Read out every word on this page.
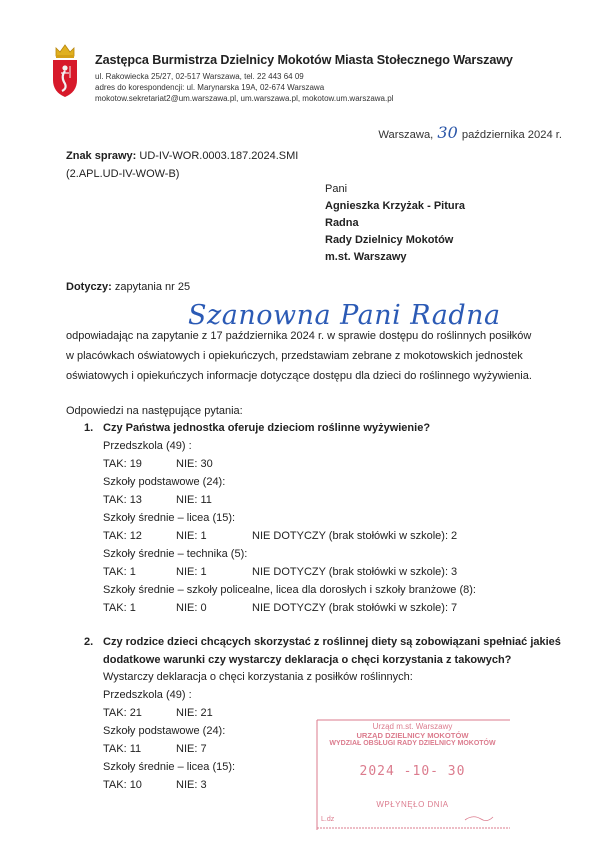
Zastępca Burmistrza Dzielnicy Mokotów Miasta Stołecznego Warszawy
ul. Rakowiecka 25/27, 02-517 Warszawa, tel. 22 443 64 09
adres do korespondencji: ul. Marynarska 19A, 02-674 Warszawa
mokotow.sekretariat2@um.warszawa.pl, um.warszawa.pl, mokotow.um.warszawa.pl
Warszawa, 30 października 2024 r.
Znak sprawy: UD-IV-WOR.0003.187.2024.SMI
(2.APL.UD-IV-WOW-B)
Pani
Agnieszka Krzyżak - Pitura
Radna
Rady Dzielnicy Mokotów
m.st. Warszawy
Dotyczy: zapytania nr 25
Szanowna Pani Radna
odpowiadając na zapytanie z 17 października 2024 r. w sprawie dostępu do roślinnych posiłków
w placówkach oświatowych i opiekuńczych, przedstawiam zebrane z mokotowskich jednostek
oświatowych i opiekuńczych informacje dotyczące dostępu dla dzieci do roślinnego wyżywienia.
Odpowiedzi na następujące pytania:
1. Czy Państwa jednostka oferuje dzieciom roślinne wyżywienie?
Przedszkola (49) :
TAK: 19	NIE: 30
Szkoły podstawowe (24):
TAK: 13	NIE: 11
Szkoły średnie – licea (15):
TAK: 12	NIE: 1	NIE DOTYCZY (brak stołówki w szkole): 2
Szkoły średnie – technika (5):
TAK: 1	NIE: 1	NIE DOTYCZY (brak stołówki w szkole): 3
Szkoły średnie – szkoły policealne, licea dla dorosłych i szkoły branżowe (8):
TAK: 1	NIE: 0	NIE DOTYCZY (brak stołówki w szkole): 7
2. Czy rodzice dzieci chcących skorzystać z roślinnej diety są zobowiązani spełniać jakieś
dodatkowe warunki czy wystarczy deklaracja o chęci korzystania z takowych?
Wystarczy deklaracja o chęci korzystania z posiłków roślinnych:
Przedszkola (49) :
TAK: 21	NIE: 21
Szkoły podstawowe (24):
TAK: 11	NIE: 7
Szkoły średnie – licea (15):
TAK: 10	NIE: 3
Urząd m.st. Warszawy
URZĄD DZIELNICY MOKOTÓW
WYDZIAŁ OBSŁUGI RADY DZIELNICY MOKOTÓW
2024 -10- 30
WPŁYNĘŁO DNIA
L.dz
